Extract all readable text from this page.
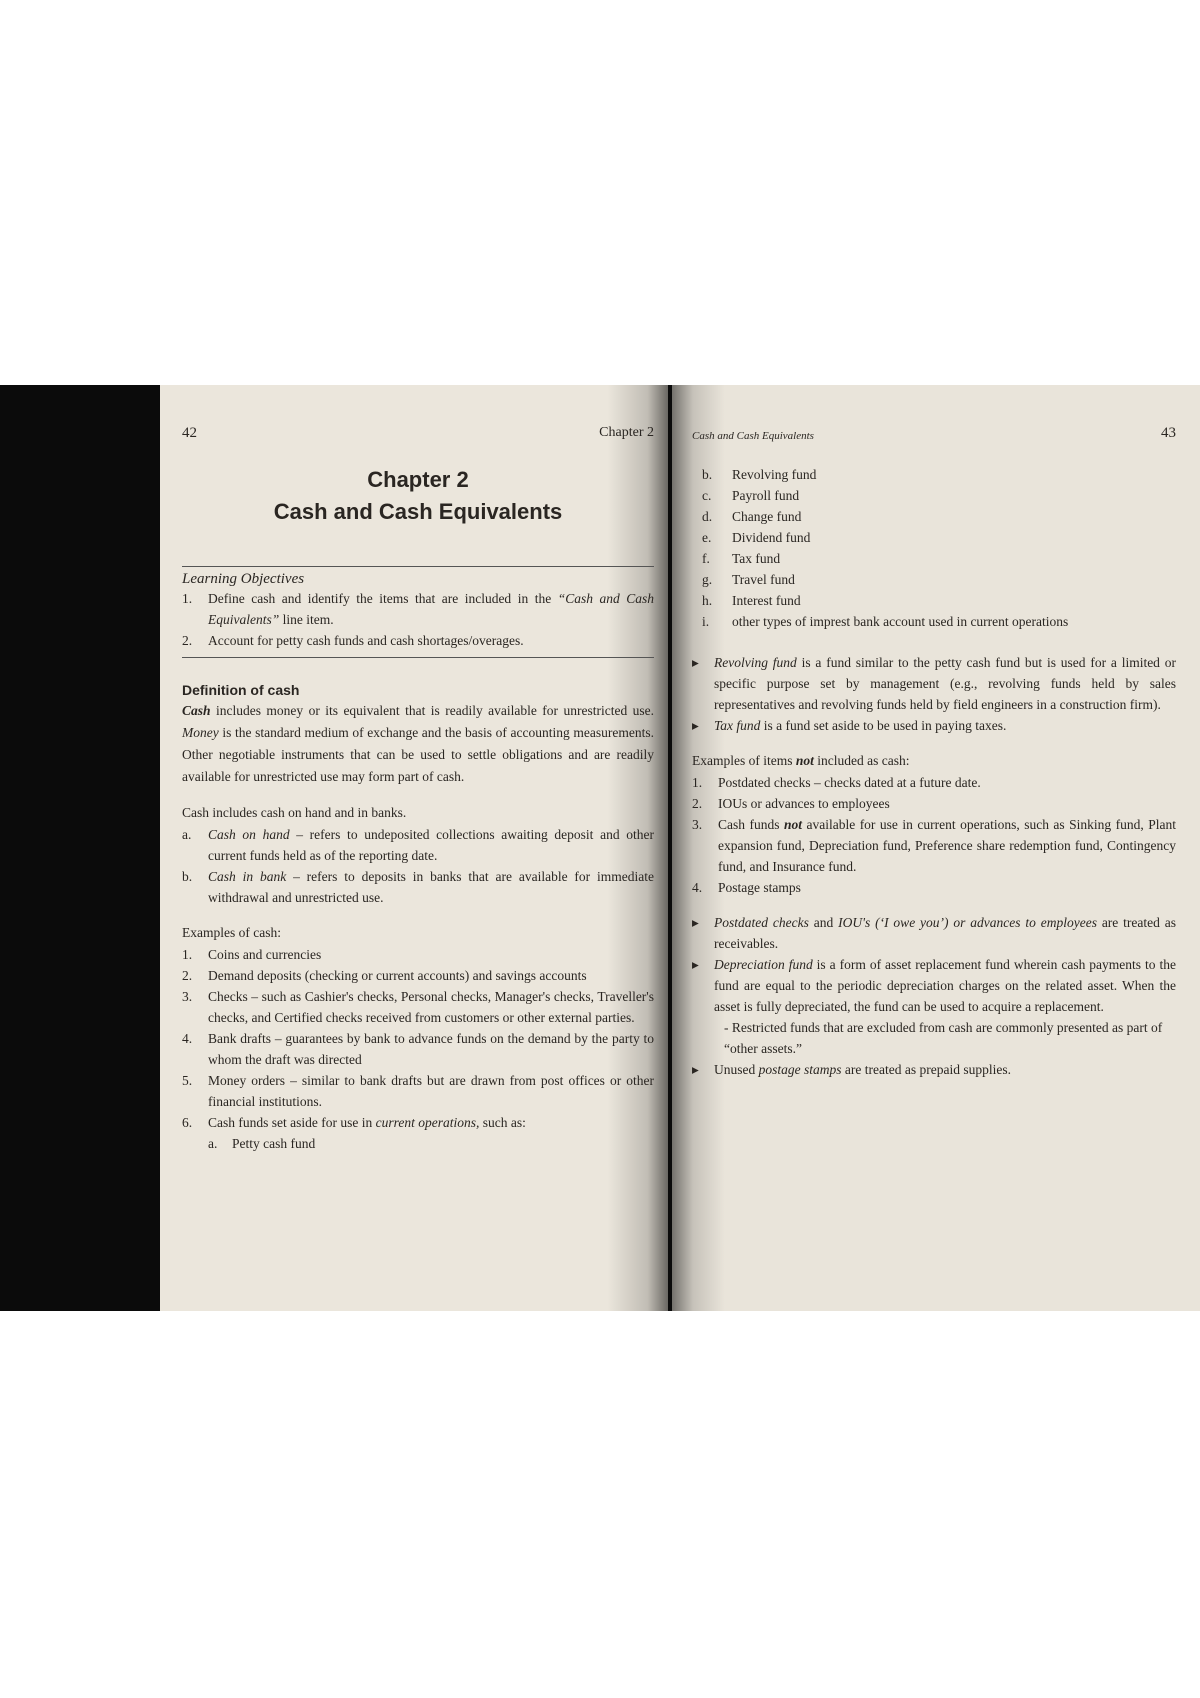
42	Chapter 2
Chapter 2
Cash and Cash Equivalents
Learning Objectives
1.	Define cash and identify the items that are included in the “Cash and Cash Equivalents” line item.
2.	Account for petty cash funds and cash shortages/overages.
Definition of cash

Cash includes money or its equivalent that is readily available for unrestricted use. Money is the standard medium of exchange and the basis of accounting measurements. Other negotiable instruments that can be used to settle obligations and are readily available for unrestricted use may form part of cash.

Cash includes cash on hand and in banks.

a.	Cash on hand – refers to undeposited collections awaiting deposit and other current funds held as of the reporting date.
b.	Cash in bank – refers to deposits in banks that are available for immediate withdrawal and unrestricted use.

Examples of cash:

1.	Coins and currencies
2.	Demand deposits (checking or current accounts) and savings accounts
3.	Checks – such as Cashier's checks, Personal checks, Manager's checks, Traveller's checks, and Certified checks received from customers or other external parties.
4.	Bank drafts – guarantees by bank to advance funds on the demand by the party to whom the draft was directed
5.	Money orders – similar to bank drafts but are drawn from post offices or other financial institutions.
6.	Cash funds set aside for use in current operations, such as:
a.	Petty cash fund
Cash and Cash Equivalents	43
b.	Revolving fund
c.	Payroll fund
d.	Change fund
e.	Dividend fund
f.	Tax fund
g.	Travel fund
h.	Interest fund
i.	other types of imprest bank account used in current operations
▸	Revolving fund is a fund similar to the petty cash fund but is used for a limited or specific purpose set by management (e.g., revolving funds held by sales representatives and revolving funds held by field engineers in a construction firm).
▸	Tax fund is a fund set aside to be used in paying taxes.

Examples of items not included as cash:

1.	Postdated checks – checks dated at a future date.
2.	IOUs or advances to employees
3.	Cash funds not available for use in current operations, such as Sinking fund, Plant expansion fund, Depreciation fund, Preference share redemption fund, Contingency fund, and Insurance fund.
4.	Postage stamps
▸	Postdated checks and IOU's (‘I owe you’) or advances to employees are treated as receivables.
▸	Depreciation fund is a form of asset replacement fund wherein cash payments to the fund are equal to the periodic depreciation charges on the related asset. When the asset is fully depreciated, the fund can be used to acquire a replacement.
- Restricted funds that are excluded from cash are commonly presented as part of “other assets.”
▸	Unused postage stamps are treated as prepaid supplies.
